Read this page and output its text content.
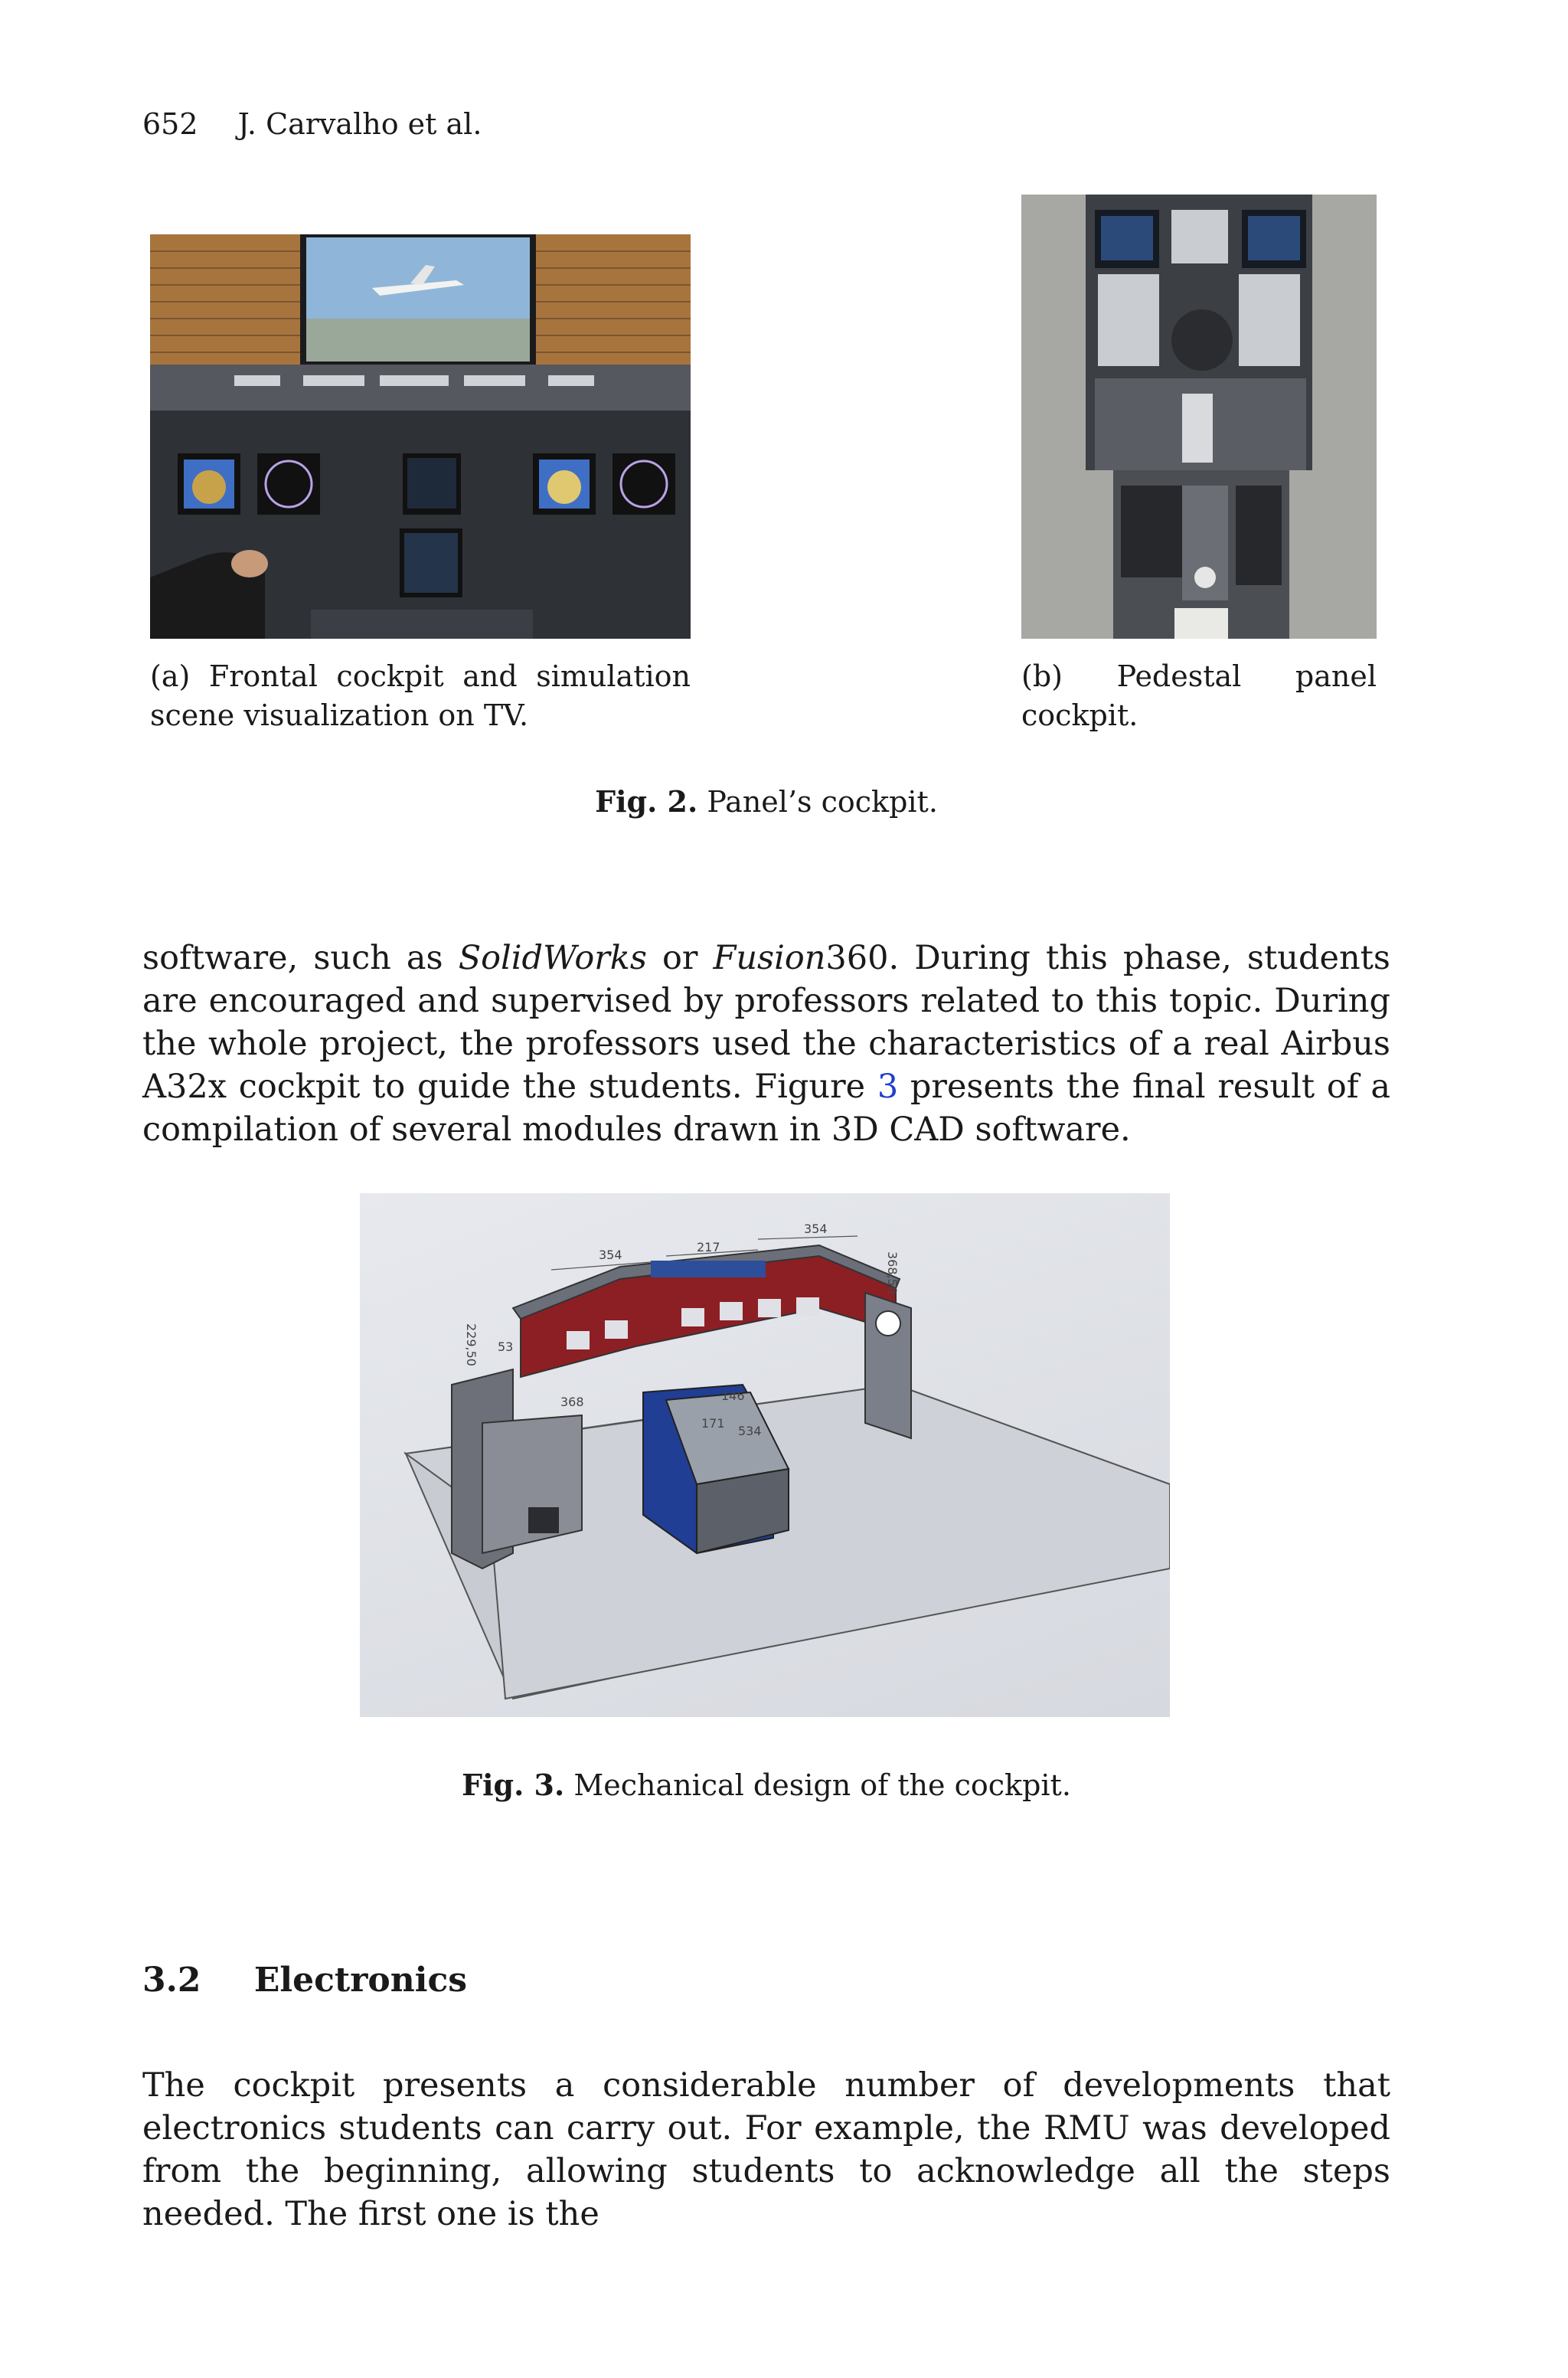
652 J. Carvalho et al.
(a) Frontal cockpit and simulation scene visualization on TV.
(b) Pedestal panel cockpit.
Fig. 2. Panel’s cockpit.

software, such as SolidWorks or Fusion360. During this phase, students are encouraged and supervised by professors related to this topic. During the whole project, the professors used the characteristics of a real Airbus A32x cockpit to guide the students. Figure 3 presents the final result of a compilation of several modules drawn in 3D CAD software.

354
217
354
368,50
229,50 53
368	146
171
534
Fig. 3. Mechanical design of the cockpit.
3.2 Electronics

The cockpit presents a considerable number of developments that electronics students can carry out. For example, the RMU was developed from the beginning, allowing students to acknowledge all the steps needed. The first one is the
